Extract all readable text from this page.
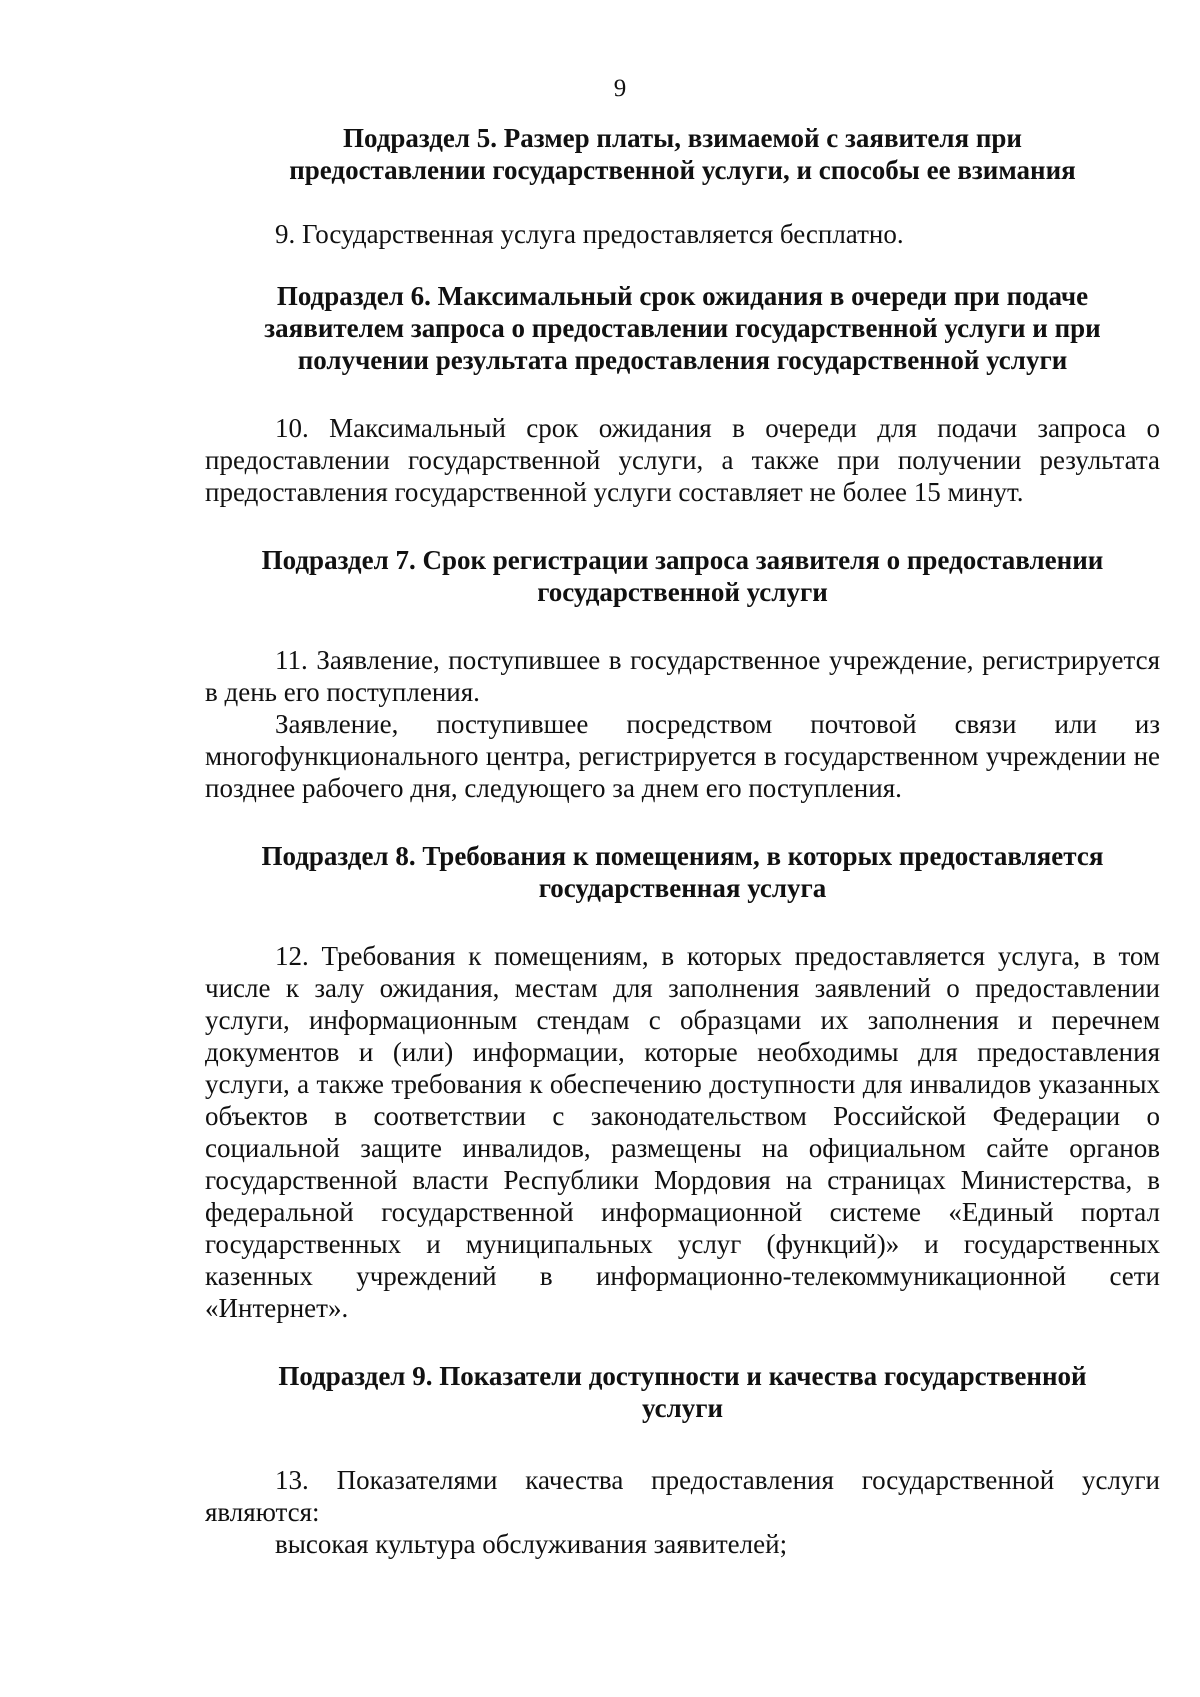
9
Подраздел 5. Размер платы, взимаемой с заявителя при
предоставлении государственной услуги, и способы ее взимания

9. Государственная услуга предоставляется бесплатно.

Подраздел 6. Максимальный срок ожидания в очереди при подаче
заявителем запроса о предоставлении государственной услуги и при
получении результата предоставления государственной услуги

10. Максимальный срок ожидания в очереди для подачи запроса о предоставлении государственной услуги, а также при получении результата предоставления государственной услуги составляет не более 15 минут.

Подраздел 7. Срок регистрации запроса заявителя о предоставлении
государственной услуги

11. Заявление, поступившее в государственное учреждение, регистрируется в день его поступления.

Заявление, поступившее посредством почтовой связи или из многофункционального центра, регистрируется в государственном учреждении не позднее рабочего дня, следующего за днем его поступления.

Подраздел 8. Требования к помещениям, в которых предоставляется
государственная услуга

12. Требования к помещениям, в которых предоставляется услуга, в том числе к залу ожидания, местам для заполнения заявлений о предоставлении услуги, информационным стендам с образцами их заполнения и перечнем документов и (или) информации, которые необходимы для предоставления услуги, а также требования к обеспечению доступности для инвалидов указанных объектов в соответствии с законодательством Российской Федерации о социальной защите инвалидов, размещены на официальном сайте органов государственной власти Республики Мордовия на страницах Министерства, в федеральной государственной информационной системе «Единый портал государственных и муниципальных услуг (функций)» и государственных казенных учреждений в информационно-телекоммуникационной сети «Интернет».

Подраздел 9. Показатели доступности и качества государственной
услуги

13. Показателями качества предоставления государственной услуги являются:

высокая культура обслуживания заявителей;
